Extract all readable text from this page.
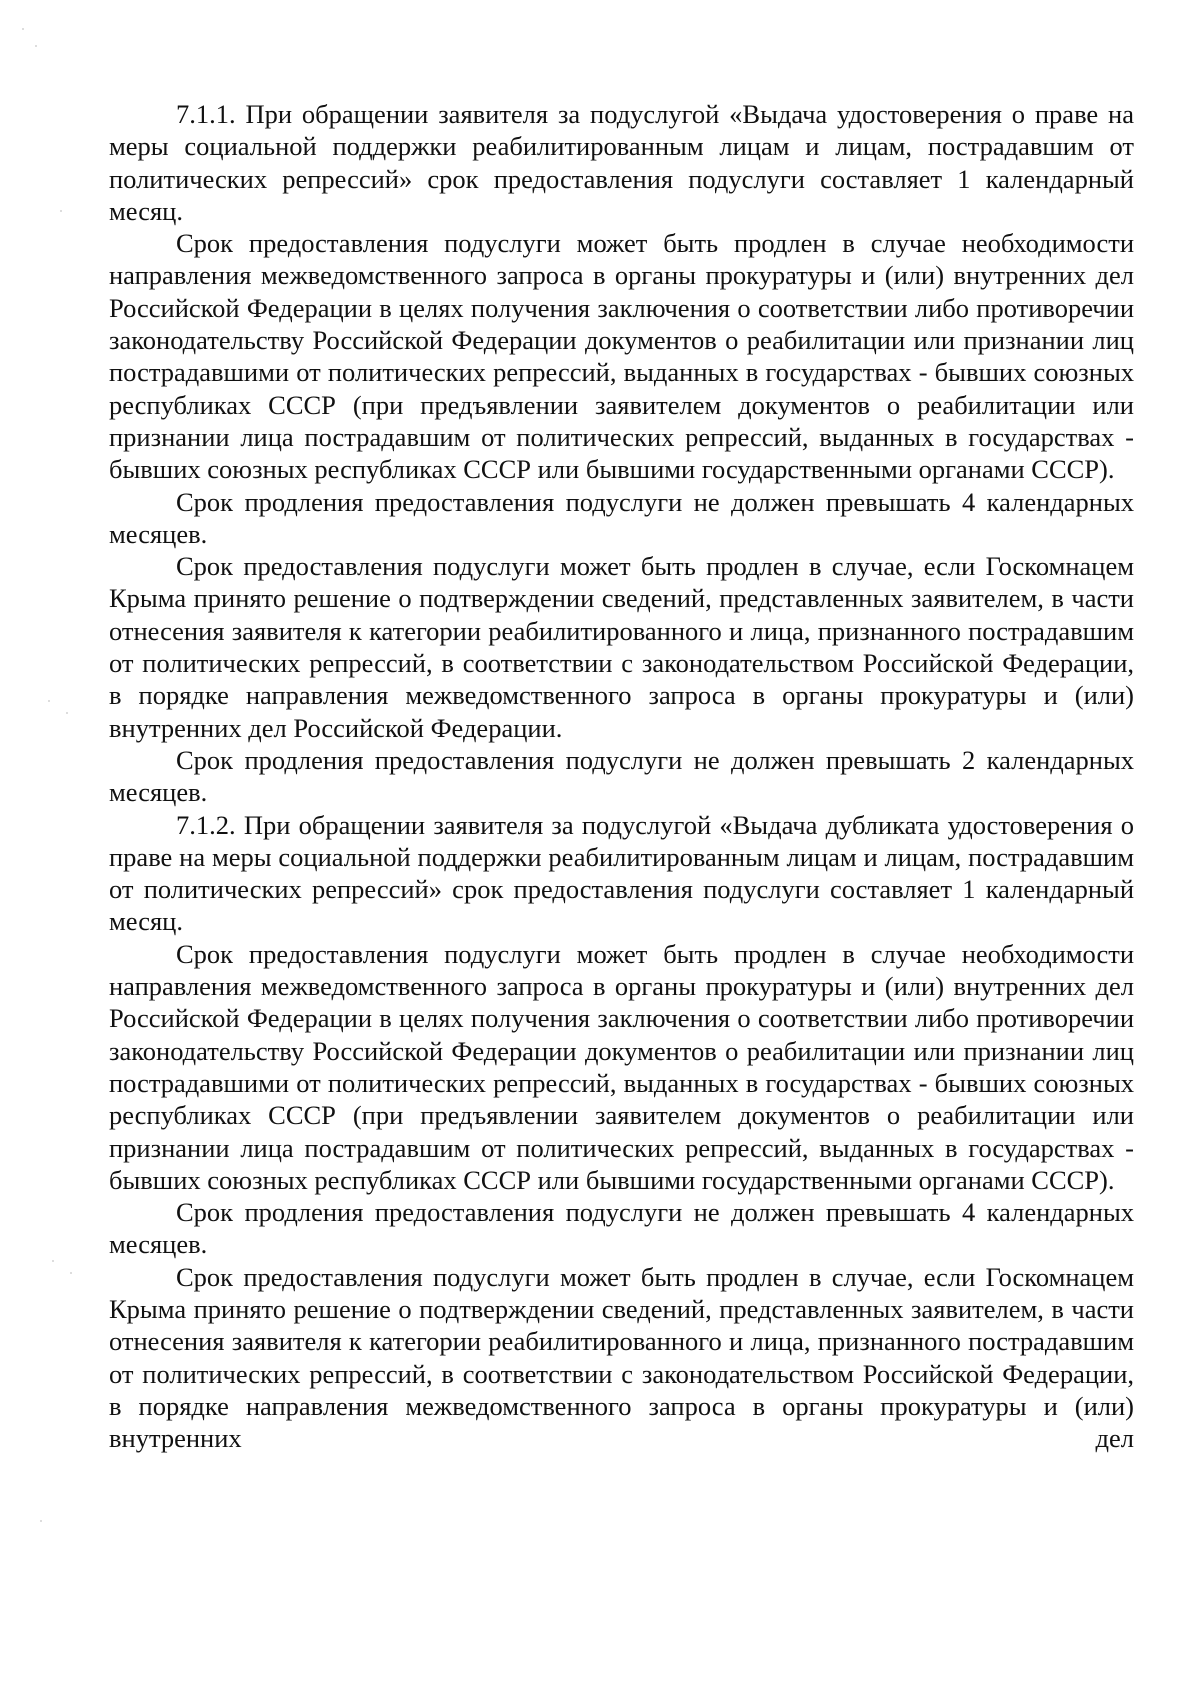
7.1.1. При обращении заявителя за подуслугой «Выдача удостоверения о праве на меры социальной поддержки реабилитированным лицам и лицам, пострадавшим от политических репрессий» срок предоставления подуслуги составляет 1 календарный месяц.

Срок предоставления подуслуги может быть продлен в случае необходимости направления межведомственного запроса в органы прокуратуры и (или) внутренних дел Российской Федерации в целях получения заключения о соответствии либо противоречии законодательству Российской Федерации документов о реабилитации или признании лиц пострадавшими от политических репрессий, выданных в государствах - бывших союзных республиках СССР (при предъявлении заявителем документов о реабилитации или признании лица пострадавшим от политических репрессий, выданных в государствах - бывших союзных республиках СССР или бывшими государственными органами СССР).

Срок продления предоставления подуслуги не должен превышать 4 календарных месяцев.

Срок предоставления подуслуги может быть продлен в случае, если Госкомнацем Крыма принято решение о подтверждении сведений, представленных заявителем, в части отнесения заявителя к категории реабилитированного и лица, признанного пострадавшим от политических репрессий, в соответствии с законодательством Российской Федерации, в порядке направления межведомственного запроса в органы прокуратуры и (или) внутренних дел Российской Федерации.

Срок продления предоставления подуслуги не должен превышать 2 календарных месяцев.

7.1.2. При обращении заявителя за подуслугой «Выдача дубликата удостоверения о праве на меры социальной поддержки реабилитированным лицам и лицам, пострадавшим от политических репрессий» срок предоставления подуслуги составляет 1 календарный месяц.

Срок предоставления подуслуги может быть продлен в случае необходимости направления межведомственного запроса в органы прокуратуры и (или) внутренних дел Российской Федерации в целях получения заключения о соответствии либо противоречии законодательству Российской Федерации документов о реабилитации или признании лиц пострадавшими от политических репрессий, выданных в государствах - бывших союзных республиках СССР (при предъявлении заявителем документов о реабилитации или признании лица пострадавшим от политических репрессий, выданных в государствах - бывших союзных республиках СССР или бывшими государственными органами СССР).

Срок продления предоставления подуслуги не должен превышать 4 календарных месяцев.

Срок предоставления подуслуги может быть продлен в случае, если Госкомнацем Крыма принято решение о подтверждении сведений, представленных заявителем, в части отнесения заявителя к категории реабилитированного и лица, признанного пострадавшим от политических репрессий, в соответствии с законодательством Российской Федерации, в порядке направления межведомственного запроса в органы прокуратуры и (или) внутренних дел
